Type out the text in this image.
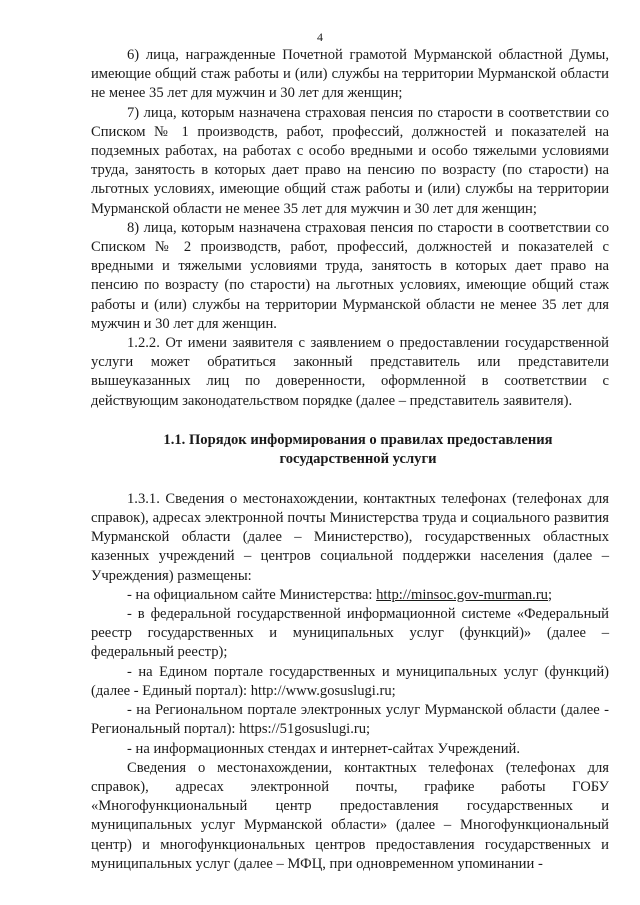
4

6) лица, награжденные Почетной грамотой Мурманской областной Думы, имеющие общий стаж работы и (или) службы на территории Мурманской области не менее 35 лет для мужчин и 30 лет для женщин;

7) лица, которым назначена страховая пенсия по старости в соответствии со Списком № 1 производств, работ, профессий, должностей и показателей на подземных работах, на работах с особо вредными и особо тяжелыми условиями труда, занятость в которых дает право на пенсию по возрасту (по старости) на льготных условиях, имеющие общий стаж работы и (или) службы на территории Мурманской области не менее 35 лет для мужчин и 30 лет для женщин;

8) лица, которым назначена страховая пенсия по старости в соответствии со Списком № 2 производств, работ, профессий, должностей и показателей с вредными и тяжелыми условиями труда, занятость в которых дает право на пенсию по возрасту (по старости) на льготных условиях, имеющие общий стаж работы и (или) службы на территории Мурманской области не менее 35 лет для мужчин и 30 лет для женщин.

1.2.2. От имени заявителя с заявлением о предоставлении государственной услуги может обратиться законный представитель или представители вышеуказанных лиц по доверенности, оформленной в соответствии с действующим законодательством порядке (далее – представитель заявителя).

1.1. Порядок информирования о правилах предоставления
государственной услуги

1.3.1. Сведения о местонахождении, контактных телефонах (телефонах для справок), адресах электронной почты Министерства труда и социального развития Мурманской области (далее – Министерство), государственных областных казенных учреждений – центров социальной поддержки населения (далее – Учреждения) размещены:

- на официальном сайте Министерства: http://minsoc.gov-murman.ru;

- в федеральной государственной информационной системе «Федеральный реестр государственных и муниципальных услуг (функций)» (далее – федеральный реестр);

- на Едином портале государственных и муниципальных услуг (функций) (далее - Единый портал): http://www.gosuslugi.ru;

- на Региональном портале электронных услуг Мурманской области (далее - Региональный портал): https://51gosuslugi.ru;

- на информационных стендах и интернет-сайтах Учреждений.

Сведения о местонахождении, контактных телефонах (телефонах для справок), адресах электронной почты, графике работы ГОБУ «Многофункциональный центр предоставления государственных и муниципальных услуг Мурманской области» (далее – Многофункциональный центр) и многофункциональных центров предоставления государственных и муниципальных услуг (далее – МФЦ, при одновременном упоминании -
